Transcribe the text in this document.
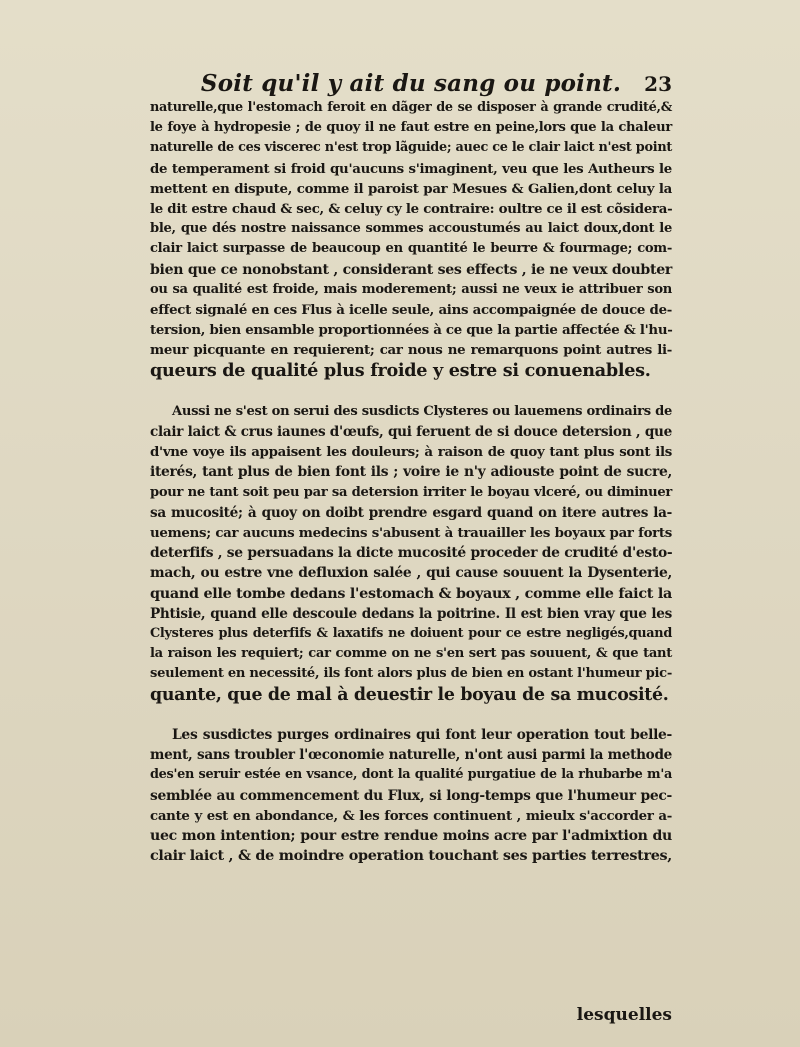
Soit qu'il y ait du sang ou point.	23
naturelle,que l'estomach feroit en dãger de se disposer à grande crudité,&
le foye à hydropesie ; de quoy il ne faut estre en peine,lors que la chaleur
naturelle de ces viscerес n'est trop lãguide; auec ce le clair laict n'est point
de temperament si froid qu'aucuns s'imaginent, veu que les Autheurs le
mettent en dispute, comme il paroist par Mesues & Galien,dont celuy la
le dit estre chaud & sec, & celuy cy le contraire: oultre ce il est cõsidera-
ble, que dés nostre naissance sommes accoustumés au laict doux,dont le
clair laict surpasse de beaucoup en quantité le beurre & fourmage; com-
bien que ce nonobstant , considerant ses effects , ie ne veux doubter
ou sa qualité est froide, mais moderement; aussi ne veux ie attribuer son
effect signalé en ces Flus à icelle seule, ains accompaignée de douce de-
tersion, bien ensamble proportionnées à ce que la partie affectée & l'hu-
meur picquante en requierent; car nous ne remarquons point autres li-
queurs de qualité plus froide y estre si conuenables.
Aussi ne s'est on serui des susdicts Clysteres ou lauemens ordinairs de
clair laict & crus iaunes d'œufs, qui feruent de si douce detersion , que
d'vne voye ils appaisent les douleurs; à raison de quoy tant plus sont ils
iterés, tant plus de bien font ils ; voire ie n'y adiouste point de sucre,
pour ne tant soit peu par sa detersion irriter le boyau vlceré, ou diminuer
sa mucosité; à quoy on doibt prendre esgard quand on itere autres la-
uemens; car aucuns medecins s'abusent à trauailler les boyaux par forts
deterfifs , se persuadans la dicte mucosité proceder de crudité d'esto-
mach, ou estre vne defluxion salée , qui cause souuent la Dysenterie,
quand elle tombe dedans l'estomach & boyaux , comme elle faict la
Phtisie, quand elle descoule dedans la poitrine. Il est bien vray que les
Clysteres plus deterfifs & laxatifs ne doiuent pour ce estre negligés,quand
la raison les requiert; car comme on ne s'en sert pas souuent, & que tant
seulement en necessité, ils font alors plus de bien en ostant l'humeur pic-
quante, que de mal à deuestir le boyau de sa mucosité.
Les susdictes purges ordinaires qui font leur operation tout belle-
ment, sans troubler l'œconomie naturelle, n'ont ausi parmi la methode
des'en seruir estée en vsance, dont la qualité purgatiue de la rhubarbe m'a
semblée au commencement du Flux, si long-temps que l'humeur pec-
cante y est en abondance, & les forces continuent , mieulx s'accorder a-
uec mon intention; pour estre rendue moins acre par l'admixtion du
clair laict , & de moindre operation touchant ses parties terrestres,
lesquelles
